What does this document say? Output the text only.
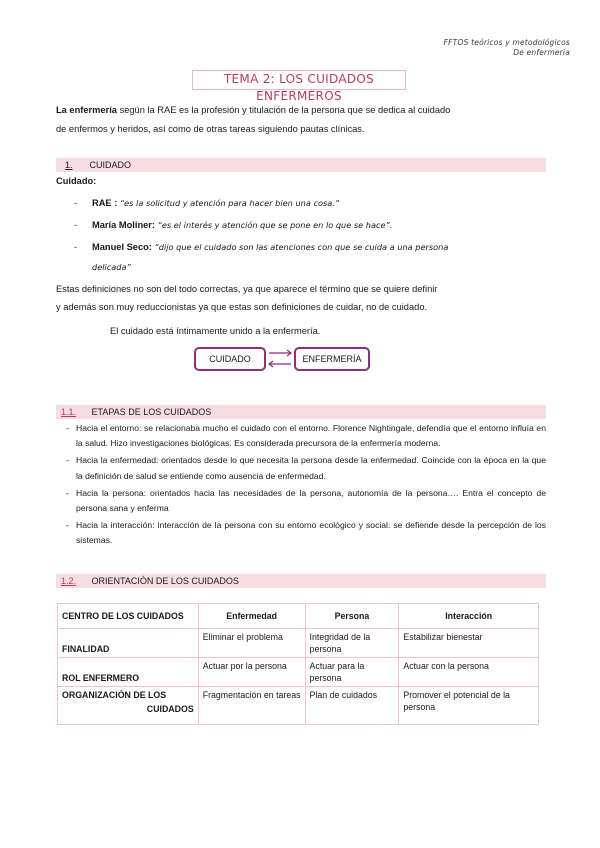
FFTOS teóricos y metodológicos
De enfermería
TEMA 2: LOS CUIDADOS ENFERMEROS
La enfermería según la RAE es la profesión y titulación de la persona que se dedica al cuidado
de enfermos y heridos, así como de otras tareas siguiendo pautas clínicas.
1. CUIDADO
Cuidado:
- RAE : “es la solicitud y atención para hacer bien una cosa.”
- María Moliner: “es el interés y atención que se pone en lo que se hace”.
- Manuel Seco: “dijo que el cuidado son las atenciones con que se cuida a una persona
delicada”
Estas definiciones no son del todo correctas, ya que aparece el término que se quiere definir
y además son muy reduccionistas ya que estas son definiciones de cuidar, no de cuidado.
El cuidado está íntimamente unido a la enfermería.
CUIDADO	ENFERMERÍA
1.1. ETAPAS DE LOS CUIDADOS
- Hacia el entorno: se relacionaba mucho el cuidado con el entorno. Florence Nightingale, defendía que el entorno influía en la salud. Hizo investigaciones biológicas. Es considerada precursora de la enfermería moderna.
- Hacia la enfermedad: orientados desde lo que necesita la persona desde la enfermedad. Coincide con la época en la que la definición de salud se entiende como ausencia de enfermedad.
- Hacia la persona: orientados hacia las necesidades de la persona, autonomía de la persona…. Entra el concepto de persona sana y enferma
- Hacia la interacción: interacción de la persona con su entorno ecológico y social: se defiende desde la percepción de los sistemas.
1.2. ORIENTACIÓN DE LOS CUIDADOS
CENTRO DE LOS CUIDADOS	Enfermedad	Persona	Interacción
FINALIDAD	Eliminar el problema	Integridad de la persona	Estabilizar bienestar
ROL ENFERMERO	Actuar por la persona	Actuar para la persona	Actuar con la persona

ORGANIZACIÓN DE LOS
CUIDADOS	Fragmentación en tareas	Plan de cuidados	Promover el potencial de la persona
